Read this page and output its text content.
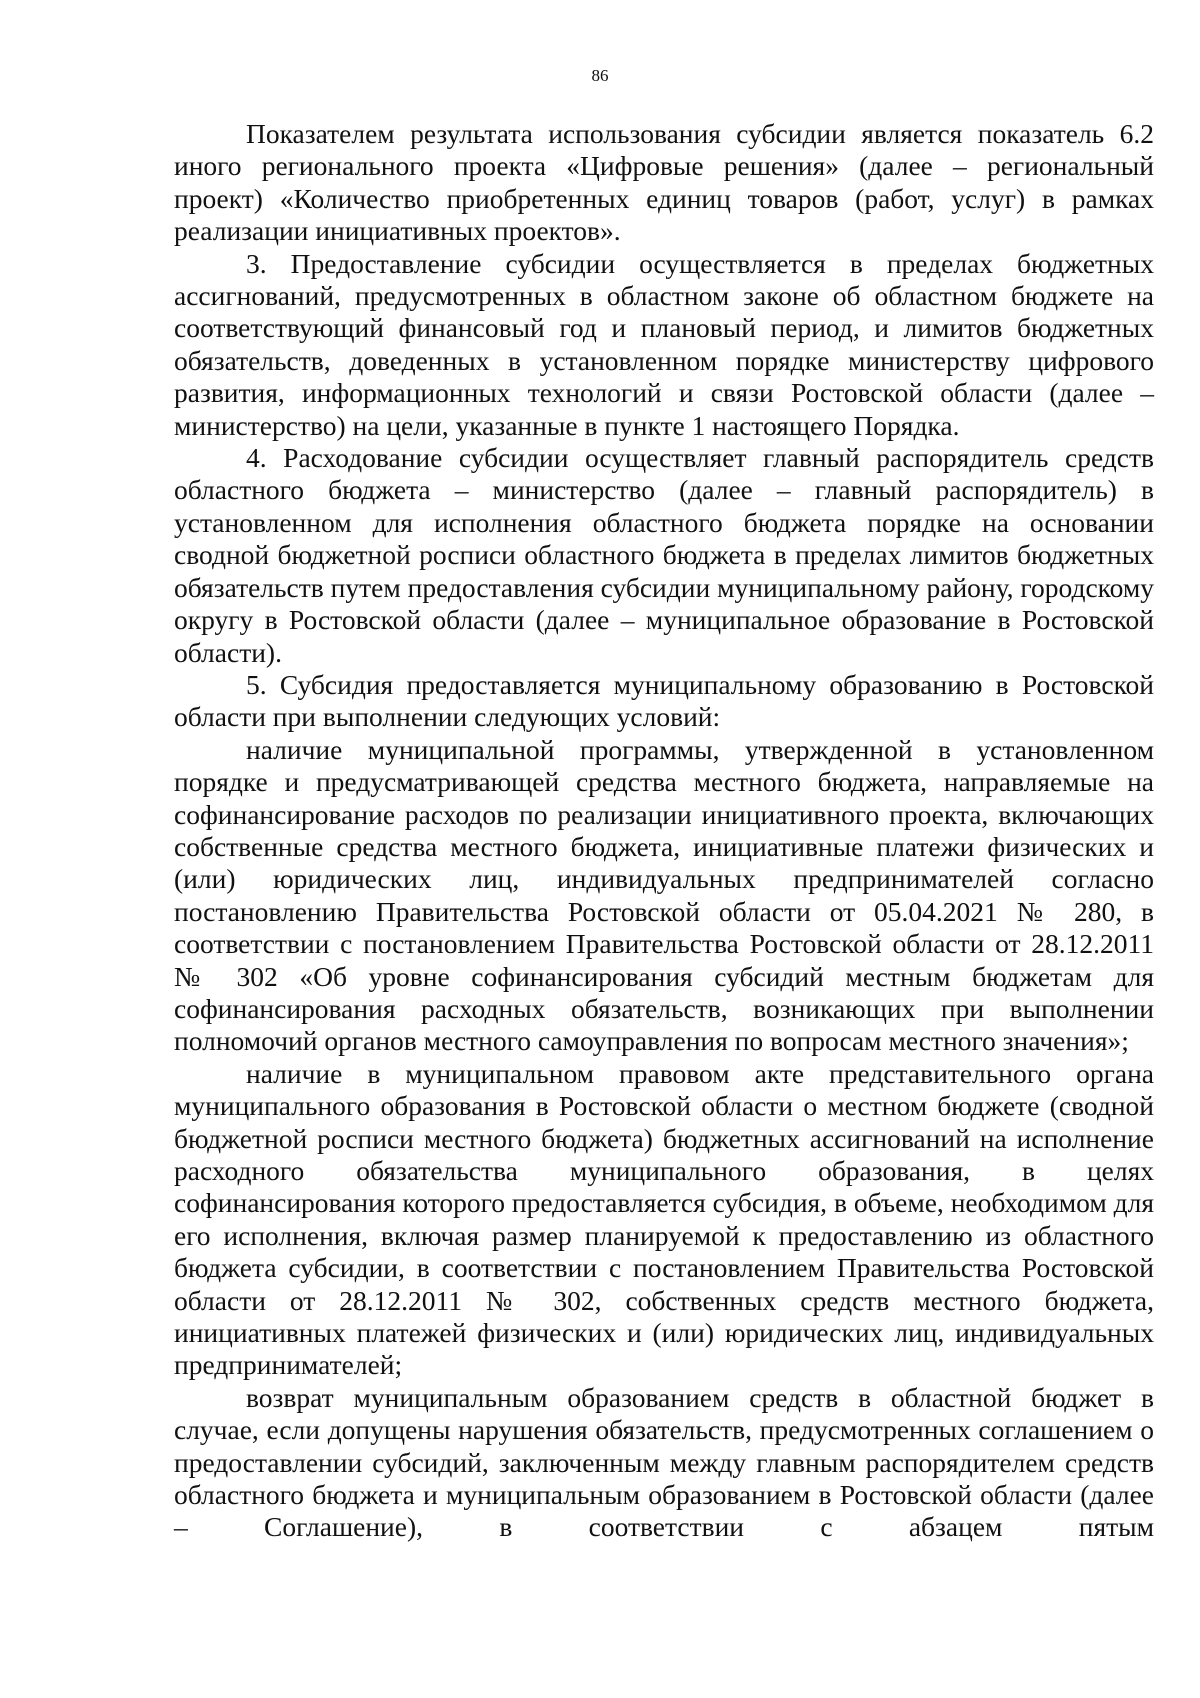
86

Показателем результата использования субсидии является показатель 6.2 иного регионального проекта «Цифровые решения» (далее – региональный проект) «Количество приобретенных единиц товаров (работ, услуг) в рамках реализации инициативных проектов».

3. Предоставление субсидии осуществляется в пределах бюджетных ассигнований, предусмотренных в областном законе об областном бюджете на соответствующий финансовый год и плановый период, и лимитов бюджетных обязательств, доведенных в установленном порядке министерству цифрового развития, информационных технологий и связи Ростовской области (далее – министерство) на цели, указанные в пункте 1 настоящего Порядка.

4. Расходование субсидии осуществляет главный распорядитель средств областного бюджета – министерство (далее – главный распорядитель) в установленном для исполнения областного бюджета порядке на основании сводной бюджетной росписи областного бюджета в пределах лимитов бюджетных обязательств путем предоставления субсидии муниципальному району, городскому округу в Ростовской области (далее – муниципальное образование в Ростовской области).

5. Субсидия предоставляется муниципальному образованию в Ростовской области при выполнении следующих условий:

наличие муниципальной программы, утвержденной в установленном порядке и предусматривающей средства местного бюджета, направляемые на софинансирование расходов по реализации инициативного проекта, включающих собственные средства местного бюджета, инициативные платежи физических и (или) юридических лиц, индивидуальных предпринимателей согласно постановлению Правительства Ростовской области от 05.04.2021 № 280, в соответствии с постановлением Правительства Ростовской области от 28.12.2011 № 302 «Об уровне софинансирования субсидий местным бюджетам для софинансирования расходных обязательств, возникающих при выполнении полномочий органов местного самоуправления по вопросам местного значения»;

наличие в муниципальном правовом акте представительного органа муниципального образования в Ростовской области о местном бюджете (сводной бюджетной росписи местного бюджета) бюджетных ассигнований на исполнение расходного обязательства муниципального образования, в целях софинансирования которого предоставляется субсидия, в объеме, необходимом для его исполнения, включая размер планируемой к предоставлению из областного бюджета субсидии, в соответствии с постановлением Правительства Ростовской области от 28.12.2011 № 302, собственных средств местного бюджета, инициативных платежей физических и (или) юридических лиц, индивидуальных предпринимателей;

возврат муниципальным образованием средств в областной бюджет в случае, если допущены нарушения обязательств, предусмотренных соглашением о предоставлении субсидий, заключенным между главным распорядителем средств областного бюджета и муниципальным образованием в Ростовской области (далее – Соглашение), в соответствии с абзацем пятым
